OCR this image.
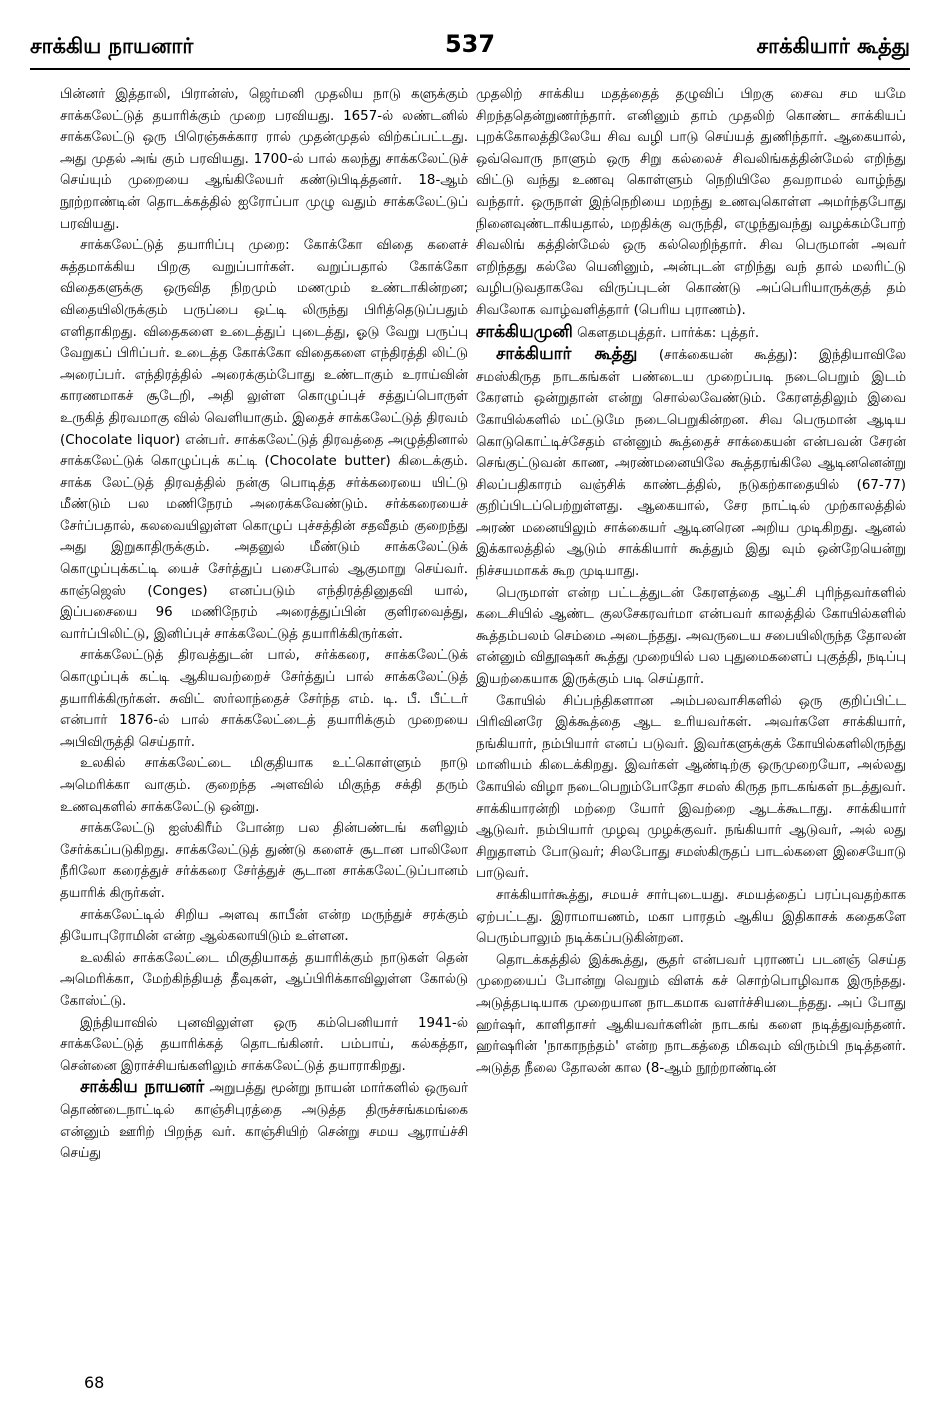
சாக்கிய நாயனார்	537	சாக்கியார் கூத்து

பின்னர் இத்தாலி, பிரான்ஸ், ஜெர்மனி முதலிய நாடு களுக்கும் சாக்கலேட்டுத் தயாரிக்கும் முறை பரவியது. 1657-ல் லண்டனில் சாக்கலேட்டு ஒரு பிரெஞ்சுக்கார ரால் முதன்முதல் விற்கப்பட்டது. அது முதல் அங் கும் பரவியது. 1700-ல் பால் கலந்து சாக்கலேட்டுச் செய்யும் முறையை ஆங்கிலேயர் கண்டுபிடித்தனர். 18-ஆம் நூற்றாண்டின் தொடக்கத்தில் ஐரோப்பா முழு வதும் சாக்கலேட்டுப் பரவியது.

சாக்கலேட்டுத் தயாரிப்பு முறை: கோக்கோ விதை களைச் சுத்தமாக்கிய பிறகு வறுப்பார்கள். வறுப்பதால் கோக்கோ விதைகளுக்கு ஒருவித நிறமும் மணமும் உண்டாகின்றன; விதையிலிருக்கும் பருப்பை ஒட்டி லிருந்து பிரித்தெடுப்பதும் எளிதாகிறது. விதைகளை உடைத்துப் புடைத்து, ஓடு வேறு பருப்பு வேறுகப் பிரிப்பர். உடைத்த கோக்கோ விதைகளை எந்திரத்தி லிட்டு அரைப்பர். எந்திரத்தில் அரைக்கும்போது உண்டாகும் உராய்வின் காரணமாகச் சூடேறி, அதி லுள்ள கொழுப்புச் சத்துப்பொருள் உருகித் திரவமாகு வில் வெளியாகும். இதைச் சாக்கலேட்டுத் திரவம் (Chocolate liquor) என்பர். சாக்கலேட்டுத் திரவத்தை அழுத்தினால் சாக்கலேட்டுக் கொழுப்புக் கட்டி (Chocolate butter) கிடைக்கும். சாக்க லேட்டுத் திரவத்தில் நன்கு பொடித்த சர்க்கரையை யிட்டு மீண்டும் பல மணிநேரம் அரைக்கவேண்டும். சர்க்கரையைச் சேர்ப்பதால், கலவையிலுள்ள கொழுப் புச்சத்தின் சதவீதம் குறைந்து அது இறுகாதிருக்கும். அதனுல் மீண்டும் சாக்கலேட்டுக் கொழுப்புக்கட்டி யைச் சேர்த்துப் பசைபோல் ஆகுமாறு செய்வர். காஞ்ஜெஸ் (Conges) எனப்படும் எந்திரத்தினுதவி யால், இப்பசையை 96 மணிநேரம் அரைத்துப்பின் குளிரவைத்து, வார்ப்பிலிட்டு, இனிப்புச் சாக்கலேட்டுத் தயாரிக்கிருர்கள்.

சாக்கலேட்டுத் திரவத்துடன் பால், சர்க்கரை, சாக்கலேட்டுக் கொழுப்புக் கட்டி ஆகியவற்றைச் சேர்த்துப் பால் சாக்கலேட்டுத் தயாரிக்கிருர்கள். சுவிட் ஸர்லாந்தைச் சேர்ந்த எம். டி. பீ. பீட்டர் என்பார் 1876-ல் பால் சாக்கலேட்டைத் தயாரிக்கும் முறையை அபிவிருத்தி செய்தார்.

உலகில் சாக்கலேட்டை மிகுதியாக உட்கொள்ளும் நாடு அமெரிக்கா வாகும். குறைந்த அளவில் மிகுந்த சக்தி தரும் உணவுகளில் சாக்கலேட்டு ஒன்று.

சாக்கலேட்டு ஐஸ்கிரீம் போன்ற பல தின்பண்டங் களிலும் சேர்க்கப்படுகிறது. சாக்கலேட்டுத் துண்டு களைச் சூடான பாலிலோ நீரிலோ கரைத்துச் சர்க்கரை சேர்த்துச் சூடான சாக்கலேட்டுப்பானம் தயாரிக் கிருர்கள்.

சாக்கலேட்டில் சிறிய அளவு காபீன் என்ற மருந்துச் சரக்கும் தியோபுரோமின் என்ற ஆல்கலாயிடும் உள்ளன.

உலகில் சாக்கலேட்டை மிகுதியாகத் தயாரிக்கும் நாடுகள் தென் அமெரிக்கா, மேற்கிந்தியத் தீவுகள், ஆப்பிரிக்காவிலுள்ள கோல்டு கோஸ்ட்டு.

இந்தியாவில் புனவிலுள்ள ஒரு கம்பெனியார் 1941-ல் சாக்கலேட்டுத் தயாரிக்கத் தொடங்கினர். பம்பாய், கல்கத்தா, சென்னை இராச்சியங்களிலும் சாக்கலேட்டுத் தயாராகிறது.

சாக்கிய நாயனர் அறுபத்து மூன்று நாயன் மார்களில் ஒருவர் தொண்டைநாட்டில் காஞ்சிபுரத்தை அடுத்த திருச்சங்கமங்கை என்னும் ஊரிற் பிறந்த வர். காஞ்சியிற் சென்று சமய ஆராய்ச்சி செய்து

முதலிற் சாக்கிய மதத்தைத் தழுவிப் பிறகு சைவ சம யமே சிறந்ததென்றுணர்ந்தார். எனினும் தாம் முதலிற் கொண்ட சாக்கியப் புறக்கோலத்திலேயே சிவ வழி பாடு செய்யத் துணிந்தார். ஆகையால், ஒவ்வொரு நாளும் ஒரு சிறு கல்லைச் சிவலிங்கத்தின்மேல் எறிந்து விட்டு வந்து உணவு கொள்ளும் நெறியிலே தவறாமல் வாழ்ந்து வந்தார். ஒருநாள் இந்நெறியை மறந்து உணவுகொள்ள அமர்ந்தபோது நினைவுண்டாகியதால், மறதிக்கு வருந்தி, எழுந்துவந்து வழக்கம்போற் சிவலிங் கத்தின்மேல் ஒரு கல்லெறிந்தார். சிவ பெருமான் அவர் எறிந்தது கல்லே யெனினும், அன்புடன் எறிந்து வந் தால் மலரிட்டு வழிபடுவதாகவே விருப்புடன் கொண்டு அப்பெரியாருக்குத் தம் சிவலோக வாழ்வளித்தார் (பெரிய புராணம்).

சாக்கியமுனி கௌதமபுத்தர். பார்க்க: புத்தர்.

சாக்கியார் கூத்து (சாக்கையன் கூத்து): இந்தியாவிலே சமஸ்கிருத நாடகங்கள் பண்டைய முறைப்படி நடைபெறும் இடம் கேரளம் ஒன்றுதான் என்று சொல்லவேண்டும். கேரளத்திலும் இவை கோயில்களில் மட்டுமே நடைபெறுகின்றன. சிவ பெருமான் ஆடிய கொடுகொட்டிச்சேதம் என்னும் கூத்தைச் சாக்கையன் என்பவன் சேரன் செங்குட்டுவன் காண, அரண்மனையிலே கூத்தரங்கிலே ஆடினனென்று சிலப்பதிகாரம் வஞ்சிக் காண்டத்தில், நடுகற்காதையில் (67-77) குறிப்பிடப்பெற்றுள்ளது. ஆகையால், சேர நாட்டில் முற்காலத்தில் அரண் மனையிலும் சாக்கையர் ஆடினரென அறிய முடிகிறது. ஆனல் இக்காலத்தில் ஆடும் சாக்கியார் கூத்தும் இது வும் ஒன்றேயென்று நிச்சயமாகக் கூற முடியாது.

பெருமாள் என்ற பட்டத்துடன் கேரளத்தை ஆட்சி புரிந்தவர்களில் கடைசியில் ஆண்ட குலசேகரவர்மா என்பவர் காலத்தில் கோயில்களில் கூத்தம்பலம் செம்மை அடைந்தது. அவருடைய சபையிலிருந்த தோலன் என்னும் விதூஷகர் கூத்து முறையில் பல புதுமைகளைப் புகுத்தி, நடிப்பு இயற்கையாக இருக்கும் படி செய்தார்.

கோயில் சிப்பந்திகளான அம்பலவாசிகளில் ஒரு குறிப்பிட்ட பிரிவினரே இக்கூத்தை ஆட உரியவர்கள். அவர்களே சாக்கியார், நங்கியார், நம்பியார் எனப் படுவர். இவர்களுக்குக் கோயில்களிலிருந்து மானியம் கிடைக்கிறது. இவர்கள் ஆண்டிற்கு ஒருமுறையோ, அல்லது கோயில் விழா நடைபெறும்போதோ சமஸ் கிருத நாடகங்கள் நடத்துவர். சாக்கியாரன்றி மற்றை யோர் இவற்றை ஆடக்கூடாது. சாக்கியார் ஆடுவர். நம்பியார் முழவு முழக்குவர். நங்கியார் ஆடுவர், அல் லது சிறுதாளம் போடுவர்; சிலபோது சமஸ்கிருதப் பாடல்களை இசையோடு பாடுவர்.

சாக்கியார்கூத்து, சமயச் சார்புடையது. சமயத்தைப் பரப்புவதற்காக ஏற்பட்டது. இராமாயணம், மகா பாரதம் ஆகிய இதிகாசக் கதைகளே பெரும்பாலும் நடிக்கப்படுகின்றன.

தொடக்கத்தில் இக்கூத்து, சூதர் என்பவர் புராணப் படனஞ் செய்த முறையைப் போன்று வெறும் விளக் கச் சொற்பொழிவாக இருந்தது. அடுத்தபடியாக முறையான நாடகமாக வளர்ச்சியடைந்தது. அப் போது ஹர்ஷர், காளிதாசர் ஆகியவர்களின் நாடகங் களை நடித்துவந்தனர். ஹர்ஷரின் 'நாகாநந்தம்' என்ற நாடகத்தை மிகவும் விரும்பி நடித்தனர். அடுத்த நீலை தோலன் கால (8-ஆம் நூற்றாண்டின்

68
